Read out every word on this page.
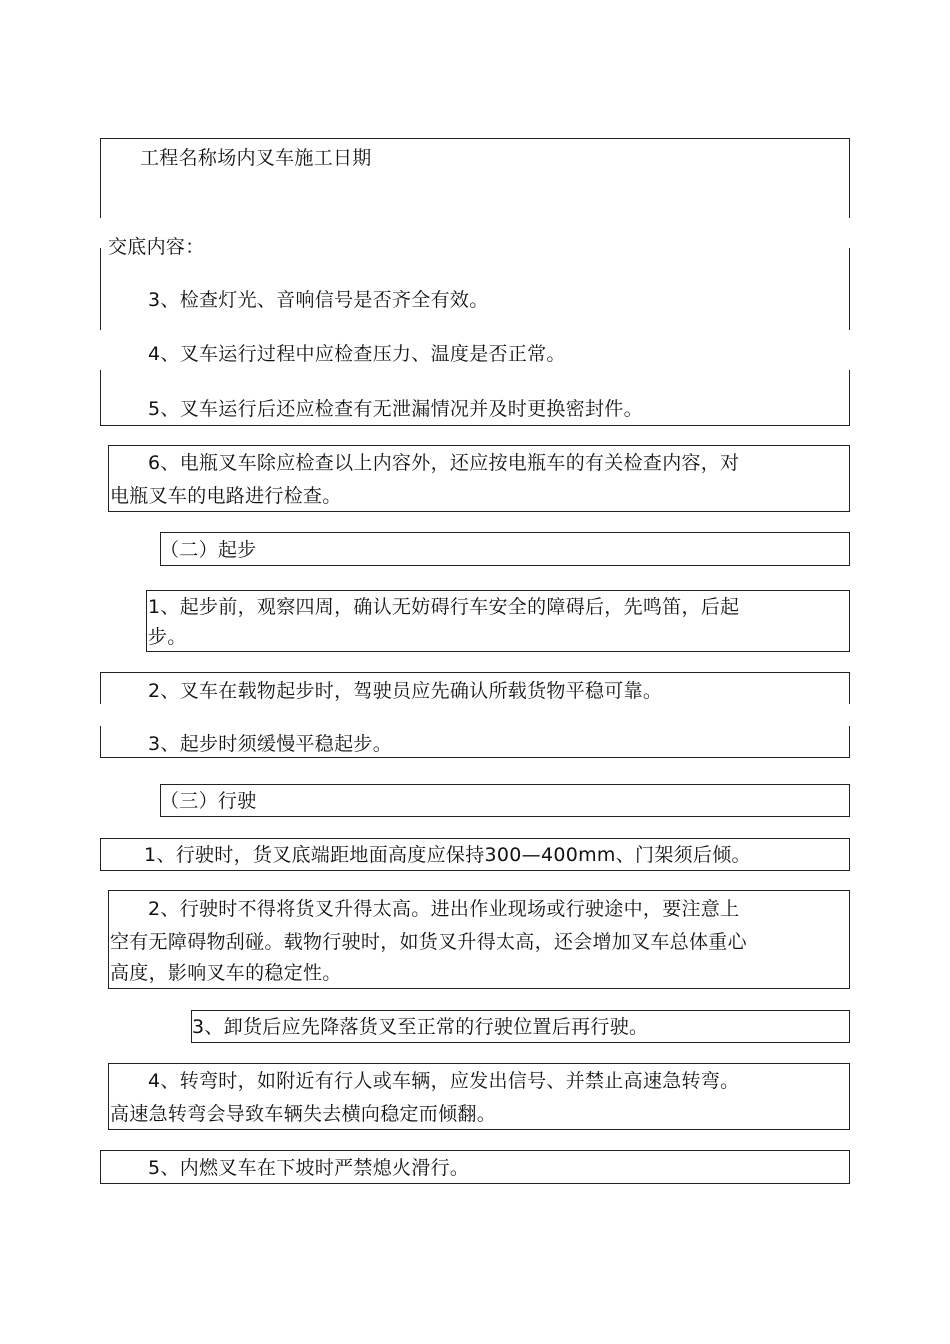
工程名称场内叉车施工日期
交底内容：
3、检查灯光、音响信号是否齐全有效。
4、叉车运行过程中应检查压力、温度是否正常。
5、叉车运行后还应检查有无泄漏情况并及时更换密封件。
6、电瓶叉车除应检查以上内容外，还应按电瓶车的有关检查内容，对
电瓶叉车的电路进行检查。
（二）起步
1、起步前，观察四周，确认无妨碍行车安全的障碍后，先鸣笛，后起
步。
2、叉车在载物起步时，驾驶员应先确认所载货物平稳可靠。
3、起步时须缓慢平稳起步。
（三）行驶
1、行驶时，货叉底端距地面高度应保持300—400mm、门架须后倾。
2、行驶时不得将货叉升得太高。进出作业现场或行驶途中，要注意上
空有无障碍物刮碰。载物行驶时，如货叉升得太高，还会增加叉车总体重心
高度，影响叉车的稳定性。
3、卸货后应先降落货叉至正常的行驶位置后再行驶。
4、转弯时，如附近有行人或车辆，应发出信号、并禁止高速急转弯。
高速急转弯会导致车辆失去横向稳定而倾翻。
5、内燃叉车在下坡时严禁熄火滑行。
